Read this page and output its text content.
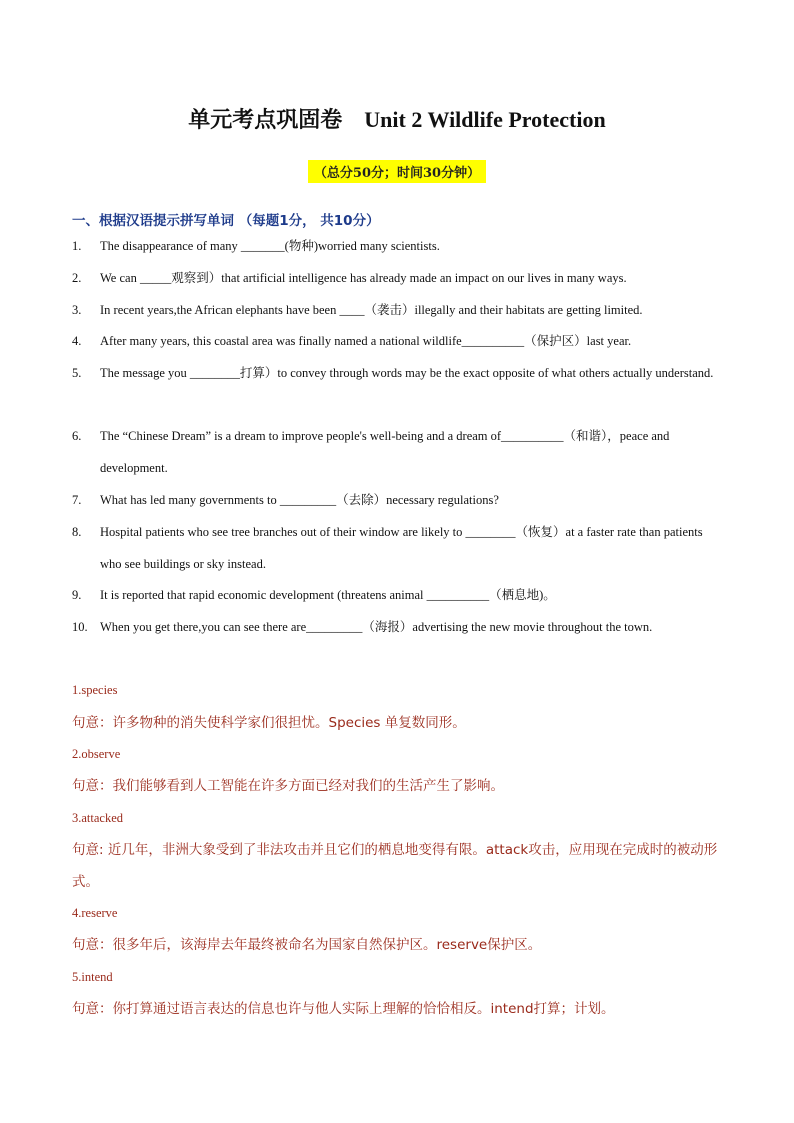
单元考点巩固卷    Unit 2 Wildlife Protection
（总分50分；时间30分钟）
一、根据汉语提示拼写单词 （每题1分， 共10分）
1. The disappearance of many _______(物种)worried many scientists.
2. We can _____观察到）that artificial intelligence has already made an impact on our lives in many ways.
3. In recent years,the African elephants have been ____（袭击）illegally and their habitats are getting limited.
4. After many years, this coastal area was finally named a national wildlife__________（保护区）last year.
5. The message you ________打算）to convey through words may be the exact opposite of what others actually understand.
6. The “Chinese Dream” is a dream to improve people's well-being and a dream of__________（和谐），peace and development.
7. What has led many governments to _________（去除）necessary regulations?
8. Hospital patients who see tree branches out of their window are likely to ________（恢复）at a faster rate than patients who see buildings or sky instead.
9. It is reported that rapid economic development (threatens animal __________（栖息地)。
10. When you get there,you can see there are_________（海报）advertising the new movie throughout the town.
1.species
句意：许多物种的消失使科学家们很担忧。Species 单复数同形。
2.observe
句意：我们能够看到人工智能在许多方面已经对我们的生活产生了影响。
3.attacked
句意: 近几年，非洲大象受到了非法攻击并且它们的栖息地变得有限。attack攻击，应用现在完成时的被动形式。
4.reserve
句意：很多年后，该海岸去年最终被命名为国家自然保护区。reserve保护区。
5.intend
句意：你打算通过语言表达的信息也许与他人实际上理解的恰恰相反。intend打算；计划。
